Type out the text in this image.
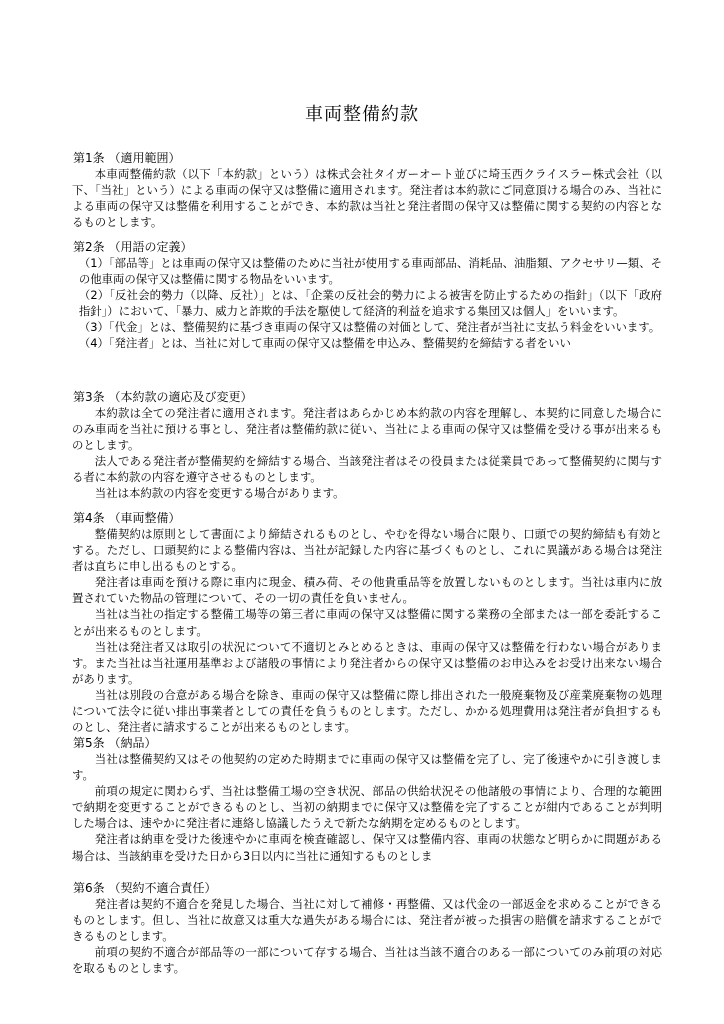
車両整備約款
第1条 （適用範囲）

本車両整備約款（以下「本約款」という）は株式会社タイガーオート並びに埼玉西クライスラー株式会社（以下、「当社」という）による車両の保守又は整備に適用されます。発注者は本約款にご同意頂ける場合のみ、当社による車両の保守又は整備を利用することができ、本約款は当社と発注者間の保守又は整備に関する契約の内容となるものとします。

第2条 （用語の定義）

（1）「部品等」とは車両の保守又は整備のために当社が使用する車両部品、消耗品、油脂類、アクセサリ—類、その他車両の保守又は整備に関する物品をいいます。

（2）「反社会的勢力（以降、反社）」とは、「企業の反社会的勢力による被害を防止するための指針」（以下「政府指針」）において、「暴力、威力と詐欺的手法を駆使して経済的利益を追求する集団又は個人」をいいます。

（3）「代金」とは、整備契約に基づき車両の保守又は整備の対価として、発注者が当社に支払う料金をいいます。

（4）「発注者」とは、当社に対して車両の保守又は整備を申込み、整備契約を締結する者をいい

第3条 （本約款の適応及び変更）

本約款は全ての発注者に適用されます。発注者はあらかじめ本約款の内容を理解し、本契約に同意した場合にのみ車両を当社に預ける事とし、発注者は整備約款に従い、当社による車両の保守又は整備を受ける事が出来るものとします。

法人である発注者が整備契約を締結する場合、当該発注者はその役員または従業員であって整備契約に関与する者に本約款の内容を遵守させるものとします。

当社は本約款の内容を変更する場合があります。

第4条 （車両整備）

整備契約は原則として書面により締結されるものとし、やむを得ない場合に限り、口頭での契約締結も有効とする。ただし、口頭契約による整備内容は、当社が記録した内容に基づくものとし、これに異議がある場合は発注者は直ちに申し出るものとする。

発注者は車両を預ける際に車内に現金、積み荷、その他貴重品等を放置しないものとします。当社は車内に放置されていた物品の管理について、その一切の責任を負いません。

当社は当社の指定する整備工場等の第三者に車両の保守又は整備に関する業務の全部または一部を委託することが出来るものとします。

当社は発注者又は取引の状況について不適切とみとめるときは、車両の保守又は整備を行わない場合があります。また当社は当社運用基準および諸般の事情により発注者からの保守又は整備のお申込みをお受け出来ない場合があります。

当社は別段の合意がある場合を除き、車両の保守又は整備に際し排出された一般廃棄物及び産業廃棄物の処理について法令に従い排出事業者としての責任を負うものとします。ただし、かかる処理費用は発注者が負担するものとし、発注者に請求することが出来るものとします。

第5条 （納品）

当社は整備契約又はその他契約の定めた時期までに車両の保守又は整備を完了し、完了後速やかに引き渡します。

前項の規定に関わらず、当社は整備工場の空き状況、部品の供給状況その他諸般の事情により、合理的な範囲で納期を変更することができるものとし、当初の納期までに保守又は整備を完了することが紺内であることが判明した場合は、速やかに発注者に連絡し協議したうえで新たな納期を定めるものとします。

発注者は納車を受けた後速やかに車両を検査確認し、保守又は整備内容、車両の状態など明らかに問題がある場合は、当該納車を受けた日から3日以内に当社に通知するものとしま

第6条 （契約不適合責任）

発注者は契約不適合を発見した場合、当社に対して補修・再整備、又は代金の一部返金を求めることができるものとします。但し、当社に故意又は重大な過失がある場合には、発注者が被った損害の賠償を請求することができるものとします。

前項の契約不適合が部品等の一部について存する場合、当社は当該不適合のある一部についてのみ前項の対応を取るものとします。
